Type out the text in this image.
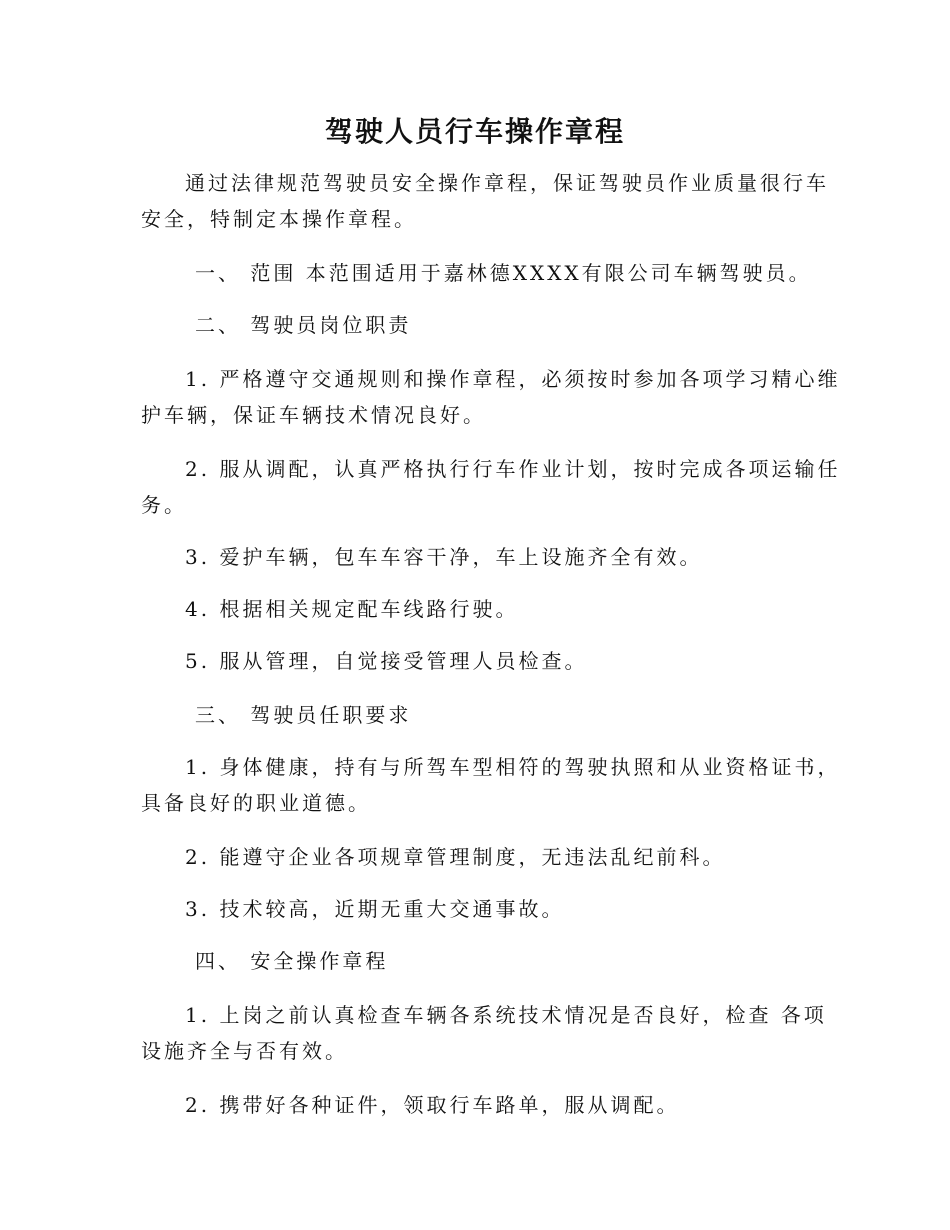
驾驶人员行车操作章程
通过法律规范驾驶员安全操作章程，保证驾驶员作业质量很行车
安全，特制定本操作章程。
一、 范围 本范围适用于嘉林德XXXX有限公司车辆驾驶员。
二、 驾驶员岗位职责
1. 严格遵守交通规则和操作章程，必须按时参加各项学习精心维
护车辆，保证车辆技术情况良好。
2. 服从调配，认真严格执行行车作业计划，按时完成各项运输任
务。
3. 爱护车辆，包车车容干净，车上设施齐全有效。
4. 根据相关规定配车线路行驶。
5. 服从管理，自觉接受管理人员检查。
三、 驾驶员任职要求
1. 身体健康，持有与所驾车型相符的驾驶执照和从业资格证书，
具备良好的职业道德。
2. 能遵守企业各项规章管理制度，无违法乱纪前科。
3. 技术较高，近期无重大交通事故。
四、 安全操作章程
1. 上岗之前认真检查车辆各系统技术情况是否良好，检查 各项
设施齐全与否有效。
2. 携带好各种证件，领取行车路单，服从调配。
